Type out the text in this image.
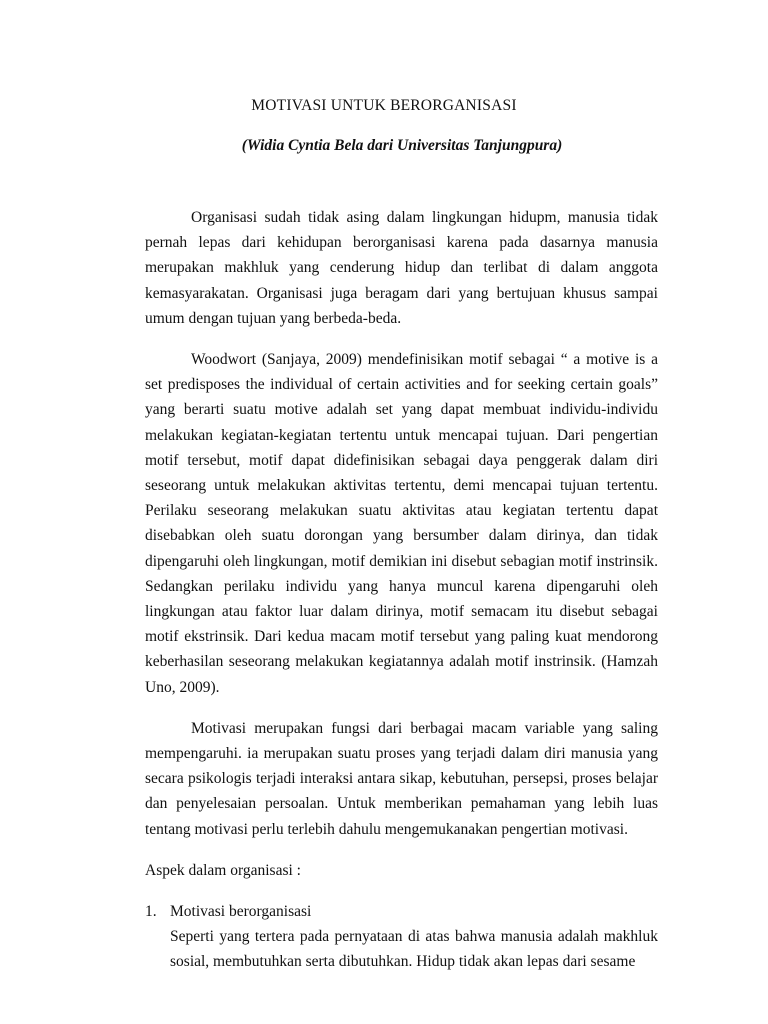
MOTIVASI UNTUK BERORGANISASI

(Widia Cyntia Bela dari Universitas Tanjungpura)

Organisasi sudah tidak asing dalam lingkungan hidupm, manusia tidak pernah lepas dari kehidupan berorganisasi karena pada dasarnya manusia merupakan makhluk yang cenderung hidup dan terlibat di dalam anggota kemasyarakatan. Organisasi juga beragam dari yang bertujuan khusus sampai umum dengan tujuan yang berbeda-beda.

Woodwort (Sanjaya, 2009) mendefinisikan motif sebagai “ a motive is a set predisposes the individual of certain activities and for seeking certain goals” yang berarti suatu motive adalah set yang dapat membuat individu-individu melakukan kegiatan-kegiatan tertentu untuk mencapai tujuan. Dari pengertian motif tersebut, motif dapat didefinisikan sebagai daya penggerak dalam diri seseorang untuk melakukan aktivitas tertentu, demi mencapai tujuan tertentu. Perilaku seseorang melakukan suatu aktivitas atau kegiatan tertentu dapat disebabkan oleh suatu dorongan yang bersumber dalam dirinya, dan tidak dipengaruhi oleh lingkungan, motif demikian ini disebut sebagian motif instrinsik. Sedangkan perilaku individu yang hanya muncul karena dipengaruhi oleh lingkungan atau faktor luar dalam dirinya, motif semacam itu disebut sebagai motif ekstrinsik. Dari kedua macam motif tersebut yang paling kuat mendorong keberhasilan seseorang melakukan kegiatannya adalah motif instrinsik. (Hamzah Uno, 2009).

Motivasi merupakan fungsi dari berbagai macam variable yang saling mempengaruhi. ia merupakan suatu proses yang terjadi dalam diri manusia yang secara psikologis terjadi interaksi antara sikap, kebutuhan, persepsi, proses belajar dan penyelesaian persoalan. Untuk memberikan pemahaman yang lebih luas tentang motivasi perlu terlebih dahulu mengemukanakan pengertian motivasi.

Aspek dalam organisasi :

1. Motivasi berorganisasi

Seperti yang tertera pada pernyataan di atas bahwa manusia adalah makhluk sosial, membutuhkan serta dibutuhkan. Hidup tidak akan lepas dari sesame
